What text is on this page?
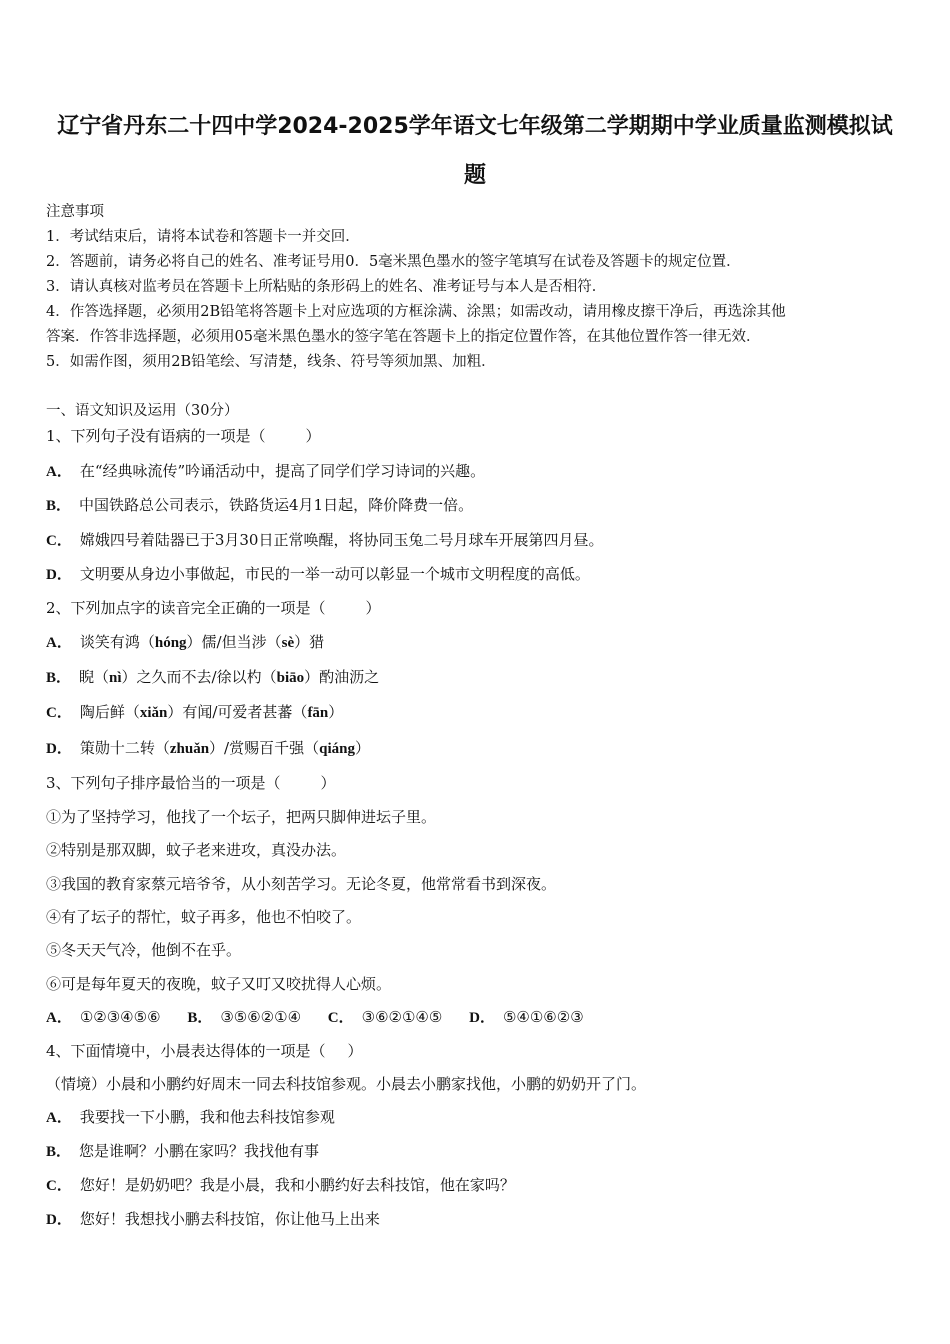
辽宁省丹东二十四中学2024-2025学年语文七年级第二学期期中学业质量监测模拟试
题
注意事项
1．考试结束后，请将本试卷和答题卡一并交回．
2．答题前，请务必将自己的姓名、准考证号用0．5毫米黑色墨水的签字笔填写在试卷及答题卡的规定位置．
3．请认真核对监考员在答题卡上所粘贴的条形码上的姓名、准考证号与本人是否相符．
4．作答选择题，必须用2B铅笔将答题卡上对应选项的方框涂满、涂黑；如需改动，请用橡皮擦干净后，再选涂其他
答案．作答非选择题，必须用05毫米黑色墨水的签字笔在答题卡上的指定位置作答，在其他位置作答一律无效．
5．如需作图，须用2B铅笔绘、写清楚，线条、符号等须加黑、加粗．
一、语文知识及运用（30分）
1、下列句子没有语病的一项是（	）
A． 在“经典咏流传”吟诵活动中，提高了同学们学习诗词的兴趣。
B． 中国铁路总公司表示，铁路货运4月1日起，降价降费一倍。
C． 嫦娥四号着陆器已于3月30日正常唤醒，将协同玉兔二号月球车开展第四月昼。
D． 文明要从身边小事做起，市民的一举一动可以彰显一个城市文明程度的高低。
2、下列加点字的读音完全正确的一项是（	）
A． 谈笑有鸿（hóng）儒/但当涉（sè）猎
B． 睨（nì）之久而不去/徐以杓（biāo）酌油沥之
C． 陶后鲜（xiǎn）有闻/可爱者甚蕃（fān）
D． 策勋十二转（zhuǎn）/赏赐百千强（qiáng）
3、下列句子排序最恰当的一项是（	）
①为了坚持学习，他找了一个坛子，把两只脚伸进坛子里。
②特别是那双脚，蚊子老来进攻，真没办法。
③我国的教育家蔡元培爷爷，从小刻苦学习。无论冬夏，他常常看书到深夜。
④有了坛子的帮忙，蚊子再多，他也不怕咬了。
⑤冬天天气冷，他倒不在乎。
⑥可是每年夏天的夜晚，蚊子又叮又咬扰得人心烦。
A． ①②③④⑤⑥ B． ③⑤⑥②①④ C． ③⑥②①④⑤ D． ⑤④①⑥②③
4、下面情境中，小晨表达得体的一项是（ ）
（情境）小晨和小鹏约好周末一同去科技馆参观。小晨去小鹏家找他，小鹏的奶奶开了门。
A． 我要找一下小鹏，我和他去科技馆参观
B． 您是谁啊？小鹏在家吗？我找他有事
C． 您好！是奶奶吧？我是小晨，我和小鹏约好去科技馆，他在家吗？
D． 您好！我想找小鹏去科技馆，你让他马上出来
